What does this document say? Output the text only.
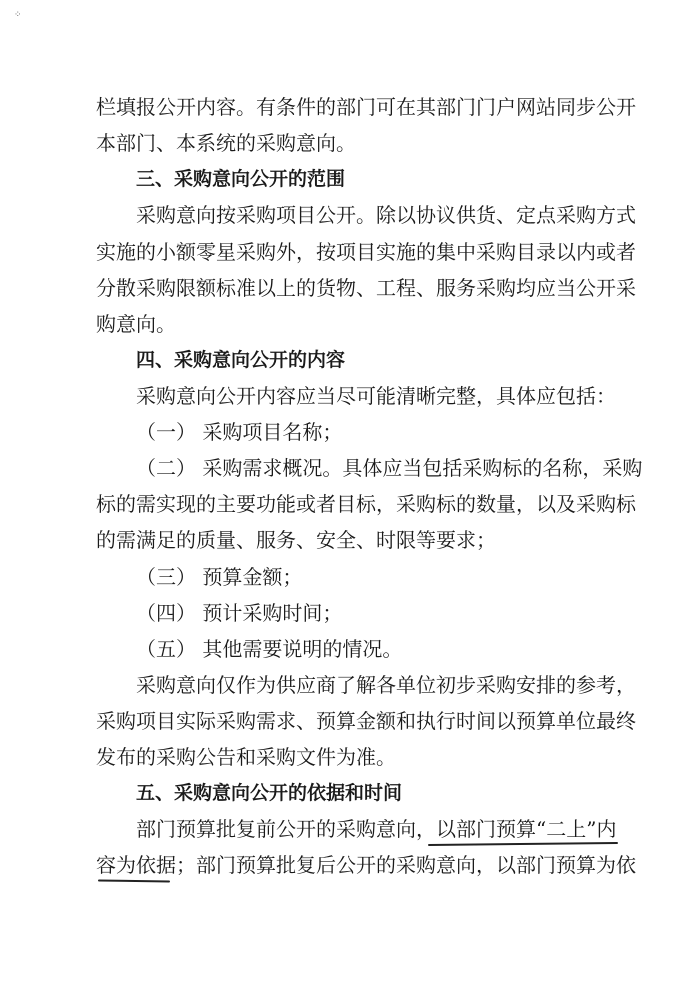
⁘
栏填报公开内容。有条件的部门可在其部门门户网站同步公开
本部门、本系统的采购意向。
三、采购意向公开的范围
采购意向按采购项目公开。除以协议供货、定点采购方式
实施的小额零星采购外，按项目实施的集中采购目录以内或者
分散采购限额标准以上的货物、工程、服务采购均应当公开采
购意向。
四、采购意向公开的内容
采购意向公开内容应当尽可能清晰完整，具体应包括：
（一） 采购项目名称；
（二） 采购需求概况。具体应当包括采购标的名称，采购
标的需实现的主要功能或者目标，采购标的数量，以及采购标
的需满足的质量、服务、安全、时限等要求；
（三） 预算金额；
（四） 预计采购时间；
（五） 其他需要说明的情况。
采购意向仅作为供应商了解各单位初步采购安排的参考，
采购项目实际采购需求、预算金额和执行时间以预算单位最终
发布的采购公告和采购文件为准。
五、采购意向公开的依据和时间
部门预算批复前公开的采购意向，以部门预算“二上”内
容为依据；部门预算批复后公开的采购意向，以部门预算为依
